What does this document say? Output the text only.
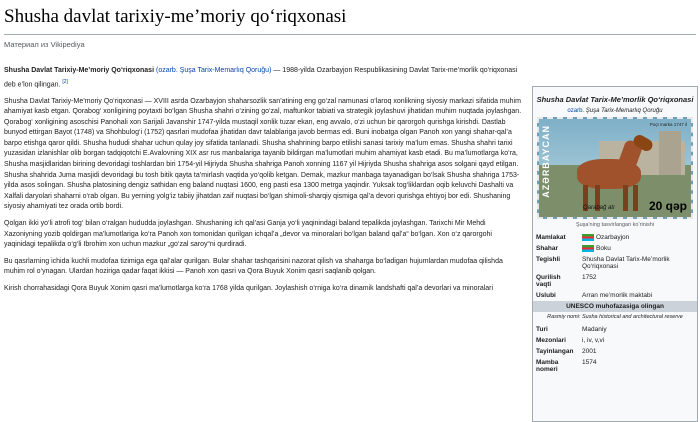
Shusha davlat tarixiy-me’moriy qo‘riqxonasi
Материал из Vikipediya

Shusha Davlat Tarixiy-Me’moriy Qo‘riqxonasi (ozarb. Şuşa Tarix-Memarlıq Qoruğu) — 1988-yilda Ozarbayjon Respublikasining Davlat Tarix-me’morlik qo‘riqxonasi deb e’lon qilingan. [2]

Shusha Davlat Tarixiy-Me’moriy Qo‘riqxonasi — XVIII asrda Ozarbayjon shaharsozlik san’atining eng go‘zal namunasi o‘laroq xonlikning siyosiy markazi sifatida muhim ahamiyat kasb etgan. Qorabog‘ xonligining poytaxti bo‘lgan Shusha shahri o‘zining go‘zal, maftunkor tabiati va strategik joylashuvi jihatidan muhim nuqtada joylashgan. Qorabog‘ xonligining asoschisi Panohali xon Sarijali Javanshir 1747-yilda mustaqil xonlik tuzar ekan, eng avvalo, o‘zi uchun bir qarorgoh qurishga kirishdi. Dastlab bunyod ettirgan Bayot (1748) va Shohbulog‘i (1752) qasrlari mudofaa jihatidan davr talablariga javob bermas edi. Buni inobatga olgan Panoh xon yangi shahar-qal’a barpo etishga qaror qildi. Shusha hududi shahar uchun qulay joy sifatida tanlanadi. Shusha shahrining barpo etilishi sanasi tarixiy ma’lum emas. Shusha shahri tarixi yuzasidan izlanishlar olib borgan tadqiqotchi E.Avalovning XIX asr rus manbalariga tayanib bildirgan ma’lumotlari muhim ahamiyat kasb etadi. Bu ma’lumotlarga ko‘ra, Shusha masjidlaridan birining devoridagi toshlardan biri 1754-yil Hijriyda Shusha shahriga Panoh xonning 1167 yil Hijriyda Shusha shahriga asos solgani qayd etilgan. Shusha shahrida Juma masjidi devoridagi bu tosh bitik qayta ta’mirlash vaqtida yo‘qolib ketgan. Demak, mazkur manbaga tayanadigan bo‘lsak Shusha shahriga 1753-yilda asos solingan. Shusha platosining dengiz sathidan eng baland nuqtasi 1600, eng pasti esa 1300 metrga yaqindir. Yuksak tog‘liklardan oqib keluvchi Dashalti va Xalfali daryolari shaharni o‘rab olgan. Bu yerning yolg‘iz tabiiy jihatdan zaif nuqtasi bo‘lgan shimoli-sharqiy qismiga qal’a devori qurishga ehtiyoj bor edi. Shushaning siyosiy ahamiyati tez orada ortib bordi.

Qolgan ikki yo‘li atrofi tog‘ bilan o‘ralgan hududda joylashgan. Shushaning ich qal’asi Ganja yo‘li yaqinindagi baland tepalikda joylashgan. Tarixchi Mir Mehdi Xazoniyning yozib qoldirgan ma’lumotlariga ko‘ra Panoh xon tomonidan qurilgan ichqal’a „devor va minoralari bo‘lgan baland qal’a“ bo‘lgan. Xon o‘z qarorgohi yaqinidagi tepalikda o‘g‘li Ibrohim xon uchun mazkur „go‘zal saroy“ni qurdiradi.

Bu qasrlarning ichida kuchli mudofaa tizimiga ega qal’alar qurilgan. Bular shahar tashqarisini nazorat qilish va shaharga bo‘ladigan hujumlardan mudofaa qilishda muhim rol o‘ynagan. Ulardan hoziriga qadar faqat ikkisi — Panoh xon qasri va Qora Buyuk Xonim qasri saqlanib qolgan.

Kirish chorrahasidagi Qora Buyuk Xonim qasri ma’lumotlarga ko‘ra 1768 yilda qurilgan. Joylashish o‘rniga ko‘ra dinamik landshafti qal’a devorlari va minoralari

Shusha Davlat Tarix-Me’morlik Qo‘riqxonasi
ozarb. Şuşa Tarix-Memarlıq Qoruğu
AZƏRBAYCAN
Poçt marka 1747 il
Qarabağ atı	20 qəp
Şuşa'ning tasvirlangan ko‘rinishi
Mamlakat	Ozarbayjon
Shahar	Boku
Tegishli	Shusha Davlat Tarix-Me’morlik Qo‘riqxonasi
Qurilish vaqti	1752
Uslubi	Arran me’morlik maktabi
UNESCO muhofazasiga olingan
Rasmiy nomi: Susha historical and architectural reserve
Turi	Madaniy
Mezonlari	i, iv, v,vi
Tayinlangan	2001
Mamba nomeri	1574
